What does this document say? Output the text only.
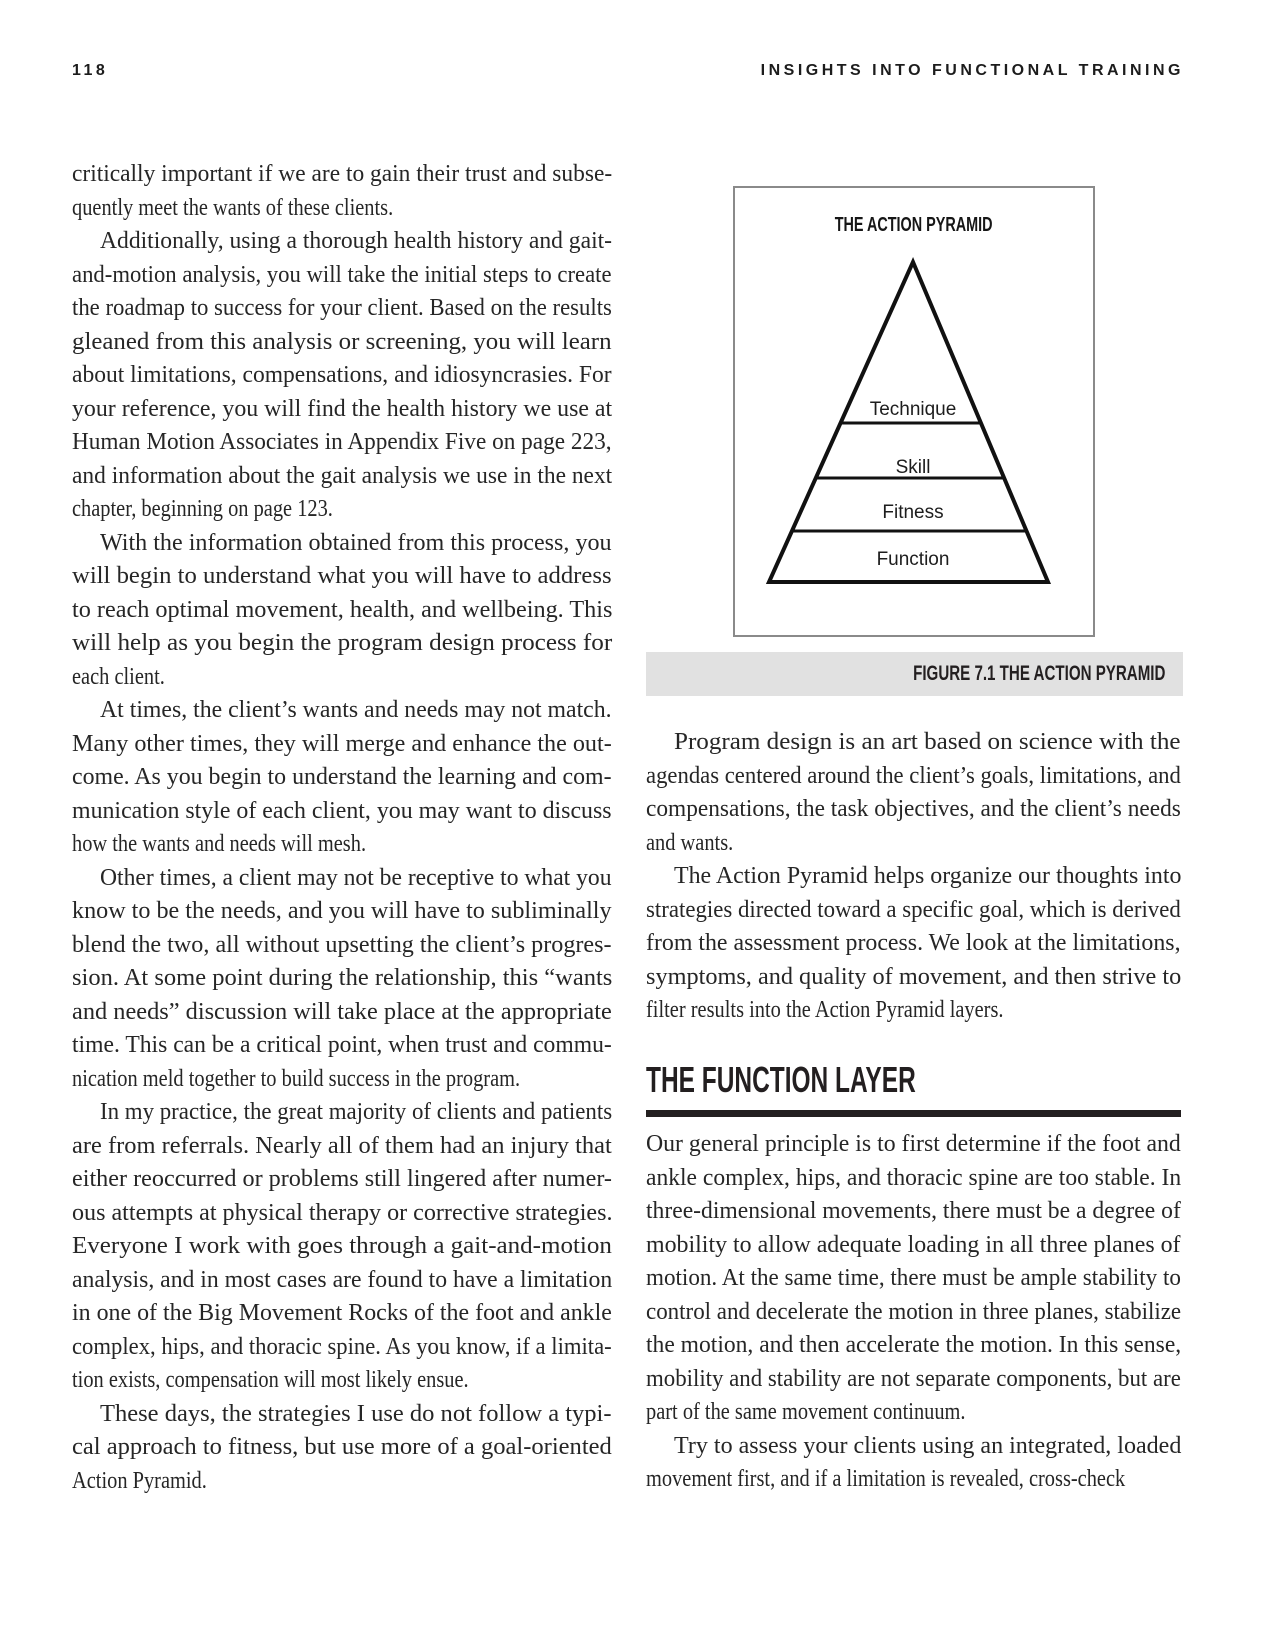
118	INSIGHTS INTO FUNCTIONAL TRAINING
critically important if we are to gain their trust and subse-
quently meet the wants of these clients.
Additionally, using a thorough health history and gait-
and-motion analysis, you will take the initial steps to create
the roadmap to success for your client. Based on the results
gleaned from this analysis or screening, you will learn
about limitations, compensations, and idiosyncrasies. For
your reference, you will find the health history we use at
Human Motion Associates in Appendix Five on page 223,
and information about the gait analysis we use in the next
chapter, beginning on page 123.
With the information obtained from this process, you
will begin to understand what you will have to address
to reach optimal movement, health, and wellbeing. This
will help as you begin the program design process for
each client.
At times, the client’s wants and needs may not match.
Many other times, they will merge and enhance the out-
come. As you begin to understand the learning and com-
munication style of each client, you may want to discuss
how the wants and needs will mesh.
Other times, a client may not be receptive to what you
know to be the needs, and you will have to subliminally
blend the two, all without upsetting the client’s progres-
sion. At some point during the relationship, this “wants
and needs” discussion will take place at the appropriate
time. This can be a critical point, when trust and commu-
nication meld together to build success in the program.
In my practice, the great majority of clients and patients
are from referrals. Nearly all of them had an injury that
either reoccurred or problems still lingered after numer-
ous attempts at physical therapy or corrective strategies.
Everyone I work with goes through a gait-and-motion
analysis, and in most cases are found to have a limitation
in one of the Big Movement Rocks of the foot and ankle
complex, hips, and thoracic spine. As you know, if a limita-
tion exists, compensation will most likely ensue.
These days, the strategies I use do not follow a typi-
cal approach to fitness, but use more of a goal-oriented
Action Pyramid.
THE ACTION PYRAMID
Technique
Skill
Fitness
Function
FIGURE 7.1 THE ACTION PYRAMID
Program design is an art based on science with the
agendas centered around the client’s goals, limitations, and
compensations, the task objectives, and the client’s needs
and wants.
The Action Pyramid helps organize our thoughts into
strategies directed toward a specific goal, which is derived
from the assessment process. We look at the limitations,
symptoms, and quality of movement, and then strive to
filter results into the Action Pyramid layers.
THE FUNCTION LAYER
Our general principle is to first determine if the foot and
ankle complex, hips, and thoracic spine are too stable. In
three-dimensional movements, there must be a degree of
mobility to allow adequate loading in all three planes of
motion. At the same time, there must be ample stability to
control and decelerate the motion in three planes, stabilize
the motion, and then accelerate the motion. In this sense,
mobility and stability are not separate components, but are
part of the same movement continuum.
Try to assess your clients using an integrated, loaded
movement first, and if a limitation is revealed, cross-check
